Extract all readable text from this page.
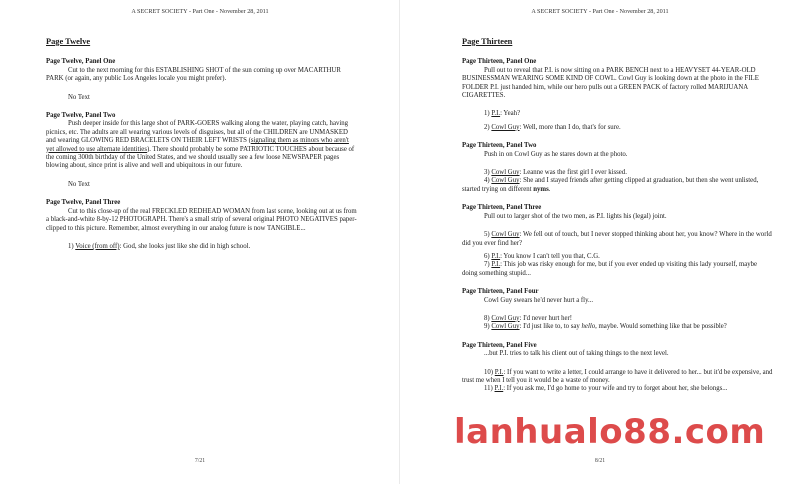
A SECRET SOCIETY - Part One - November 28, 2011

Page Twelve

Page Twelve, Panel One

Cut to the next morning for this ESTABLISHING SHOT of the sun coming up over MACARTHUR PARK (or again, any public Los Angeles locale you might prefer).

No Text

Page Twelve, Panel Two

Push deeper inside for this large shot of PARK-GOERS walking along the water, playing catch, having picnics, etc. The adults are all wearing various levels of disguises, but all of the CHILDREN are UNMASKED and wearing GLOWING RED BRACELETS ON THEIR LEFT WRISTS (signaling them as minors who aren't yet allowed to use alternate identities). There should probably be some PATRIOTIC TOUCHES about because of the coming 300th birthday of the United States, and we should usually see a few loose NEWSPAPER pages blowing about, since print is alive and well and ubiquitous in our future.

No Text

Page Twelve, Panel Three

Cut to this close-up of the real FRECKLED REDHEAD WOMAN from last scene, looking out at us from a black-and-white 8-by-12 PHOTOGRAPH. There's a small strip of several original PHOTO NEGATIVES paper-clipped to this picture. Remember, almost everything in our analog future is now TANGIBLE...

1) Voice (from off): God, she looks just like she did in high school.

7/21
A SECRET SOCIETY - Part One - November 28, 2011

Page Thirteen

Page Thirteen, Panel One

Pull out to reveal that P.I. is now sitting on a PARK BENCH next to a HEAVYSET 44-YEAR-OLD BUSINESSMAN WEARING SOME KIND OF COWL. Cowl Guy is looking down at the photo in the FILE FOLDER P.I. just handed him, while our hero pulls out a GREEN PACK of factory rolled MARIJUANA CIGARETTES.

1) P.I.: Yeah?

2) Cowl Guy: Well, more than I do, that's for sure.

Page Thirteen, Panel Two

Push in on Cowl Guy as he stares down at the photo.

3) Cowl Guy: Leanne was the first girl I ever kissed.

4) Cowl Guy: She and I stayed friends after getting clipped at graduation, but then she went unlisted, started trying on different nyms.

Page Thirteen, Panel Three

Pull out to larger shot of the two men, as P.I. lights his (legal) joint.

5) Cowl Guy: We fell out of touch, but I never stopped thinking about her, you know? Where in the world did you ever find her?

6) P.I.: You know I can't tell you that, C.G.

7) P.I.: This job was risky enough for me, but if you ever ended up visiting this lady yourself, maybe doing something stupid...

Page Thirteen, Panel Four

Cowl Guy swears he'd never hurt a fly...

8) Cowl Guy: I'd never hurt her!

9) Cowl Guy: I'd just like to, to say hello, maybe. Would something like that be possible?

Page Thirteen, Panel Five

...but P.I. tries to talk his client out of taking things to the next level.

10) P.I.: If you want to write a letter, I could arrange to have it delivered to her... but it'd be expensive, and trust me when I tell you it would be a waste of money.

11) P.I.: If you ask me, I'd go home to your wife and try to forget about her, she belongs...

8/21
lanhualo88.com
